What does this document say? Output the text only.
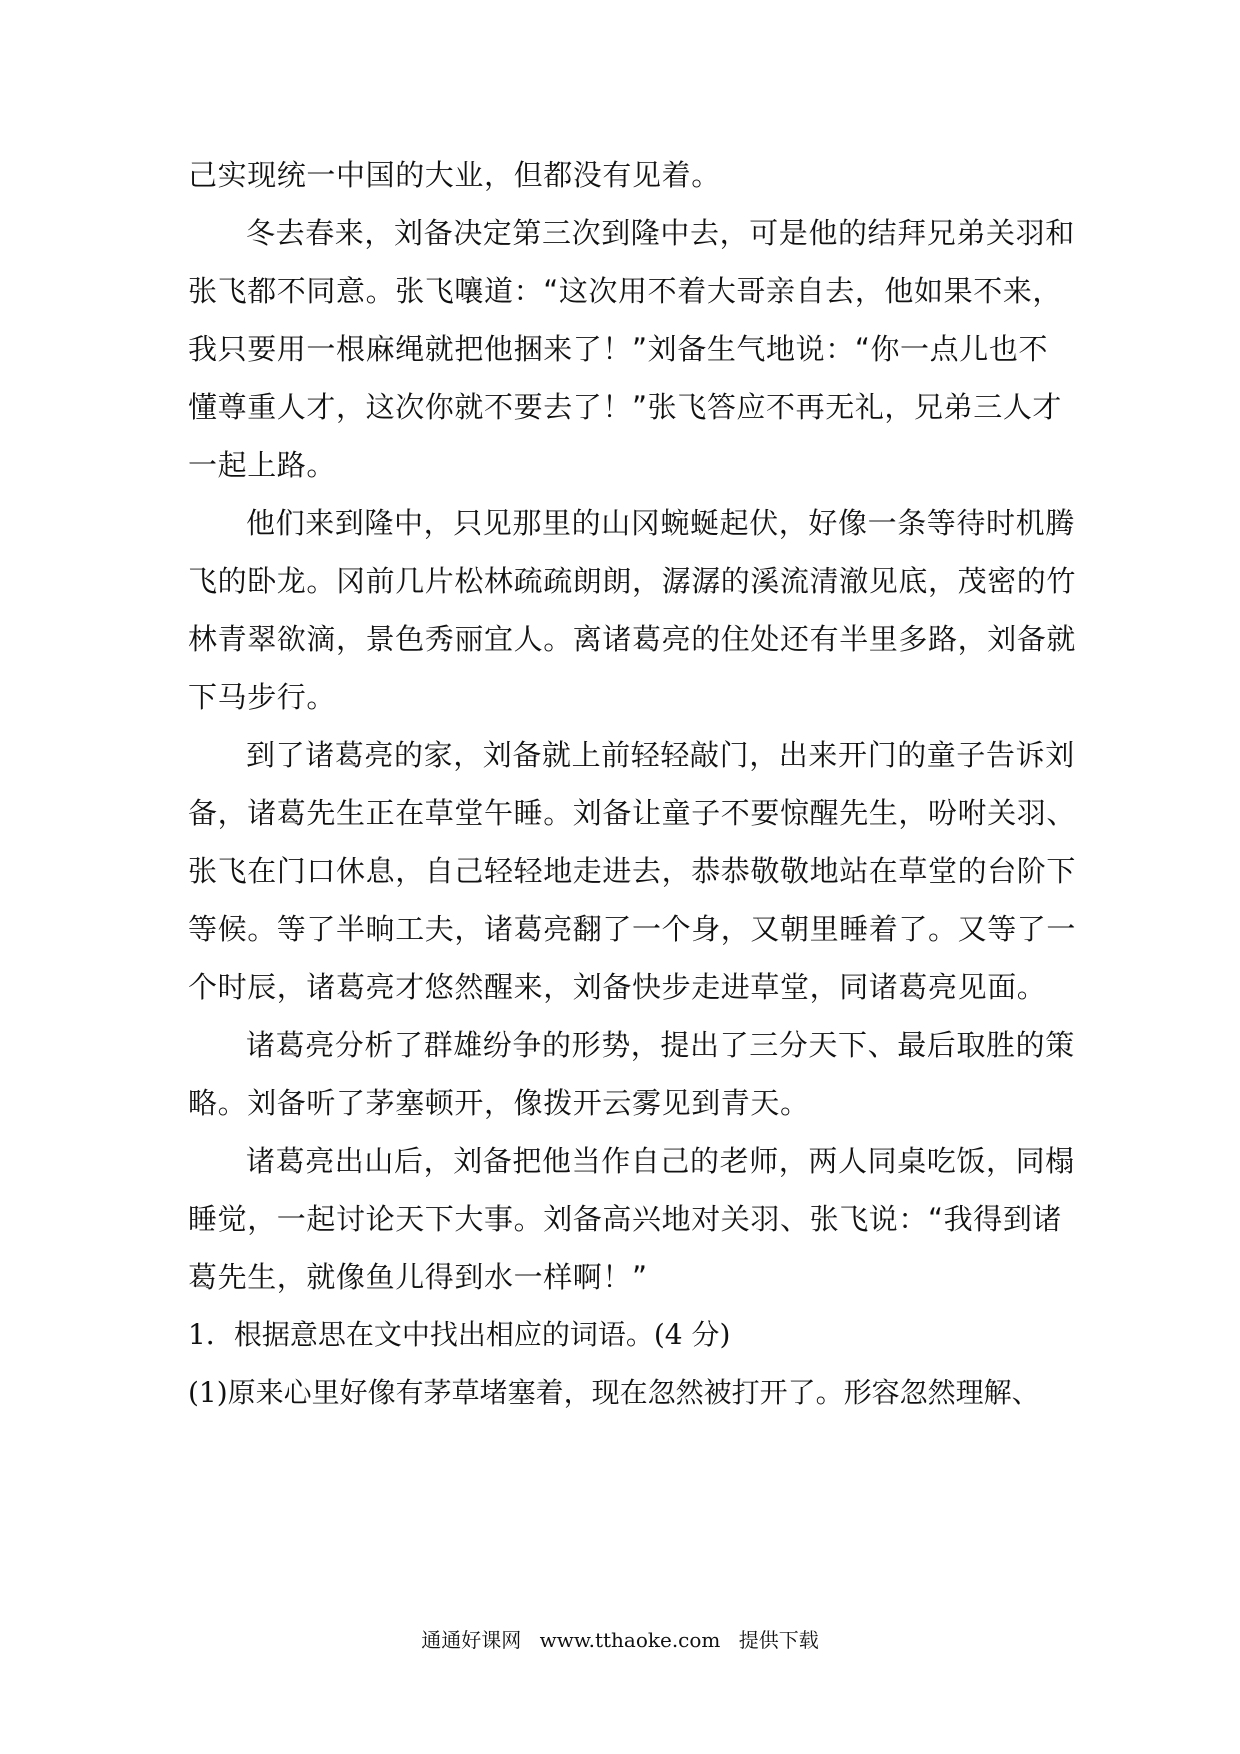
己实现统一中国的大业，但都没有见着。
冬去春来，刘备决定第三次到隆中去，可是他的结拜兄弟关羽和
张飞都不同意。张飞嚷道：“这次用不着大哥亲自去，他如果不来，
我只要用一根麻绳就把他捆来了！”刘备生气地说：“你一点儿也不
懂尊重人才，这次你就不要去了！”张飞答应不再无礼，兄弟三人才
一起上路。
他们来到隆中，只见那里的山冈蜿蜒起伏，好像一条等待时机腾
飞的卧龙。冈前几片松林疏疏朗朗，潺潺的溪流清澈见底，茂密的竹
林青翠欲滴，景色秀丽宜人。离诸葛亮的住处还有半里多路，刘备就
下马步行。
到了诸葛亮的家，刘备就上前轻轻敲门，出来开门的童子告诉刘
备，诸葛先生正在草堂午睡。刘备让童子不要惊醒先生，吩咐关羽、
张飞在门口休息，自己轻轻地走进去，恭恭敬敬地站在草堂的台阶下
等候。等了半晌工夫，诸葛亮翻了一个身，又朝里睡着了。又等了一
个时辰，诸葛亮才悠然醒来，刘备快步走进草堂，同诸葛亮见面。
诸葛亮分析了群雄纷争的形势，提出了三分天下、最后取胜的策
略。刘备听了茅塞顿开，像拨开云雾见到青天。
诸葛亮出山后，刘备把他当作自己的老师，两人同桌吃饭，同榻
睡觉，一起讨论天下大事。刘备高兴地对关羽、张飞说：“我得到诸
葛先生，就像鱼儿得到水一样啊！”
1．根据意思在文中找出相应的词语。(4 分)
(1)原来心里好像有茅草堵塞着，现在忽然被打开了。形容忽然理解、
通通好课网 www.tthaoke.com 提供下载
